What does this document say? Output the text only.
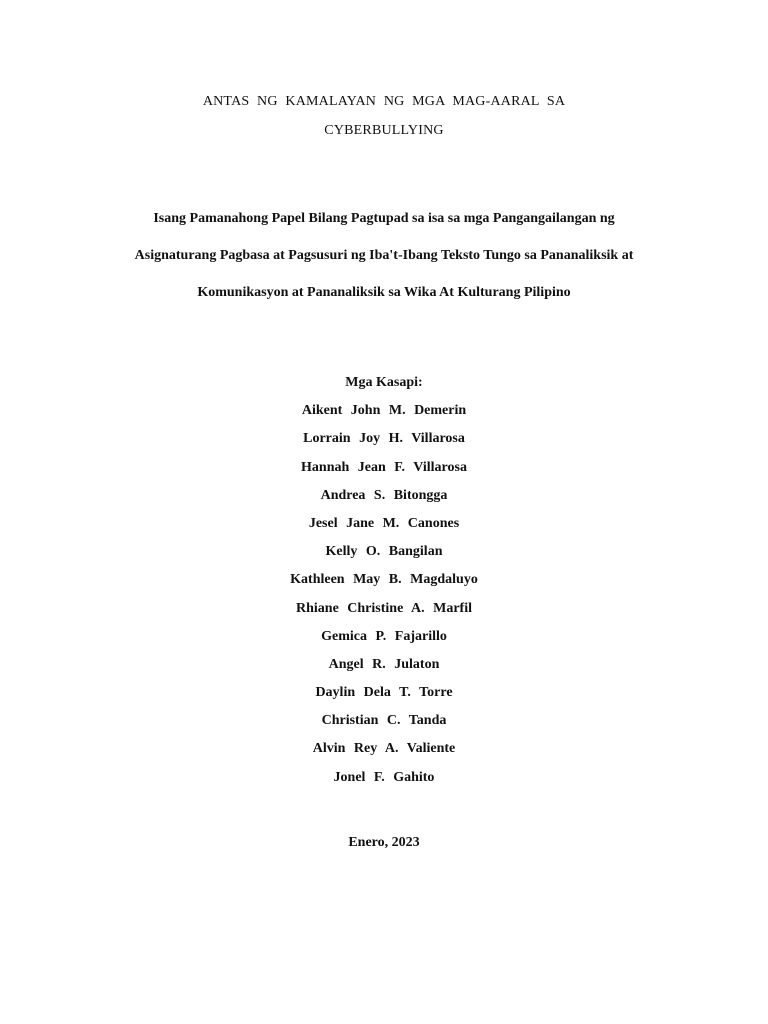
ANTAS NG KAMALAYAN NG MGA MAG-AARAL SA
CYBERBULLYING
Isang Pamanahong Papel Bilang Pagtupad sa isa sa mga Pangangailangan ng
Asignaturang Pagbasa at Pagsusuri ng Iba't-Ibang Teksto Tungo sa Pananaliksik at
Komunikasyon at Pananaliksik sa Wika At Kulturang Pilipino
Mga Kasapi:
Aikent John M. Demerin
Lorrain Joy H. Villarosa
Hannah Jean F. Villarosa
Andrea S. Bitongga
Jesel Jane M. Canones
Kelly O. Bangilan
Kathleen May B. Magdaluyo
Rhiane Christine A. Marfil
Gemica P. Fajarillo
Angel R. Julaton
Daylin Dela T. Torre
Christian C. Tanda
Alvin Rey A. Valiente
Jonel F. Gahito
Enero, 2023
